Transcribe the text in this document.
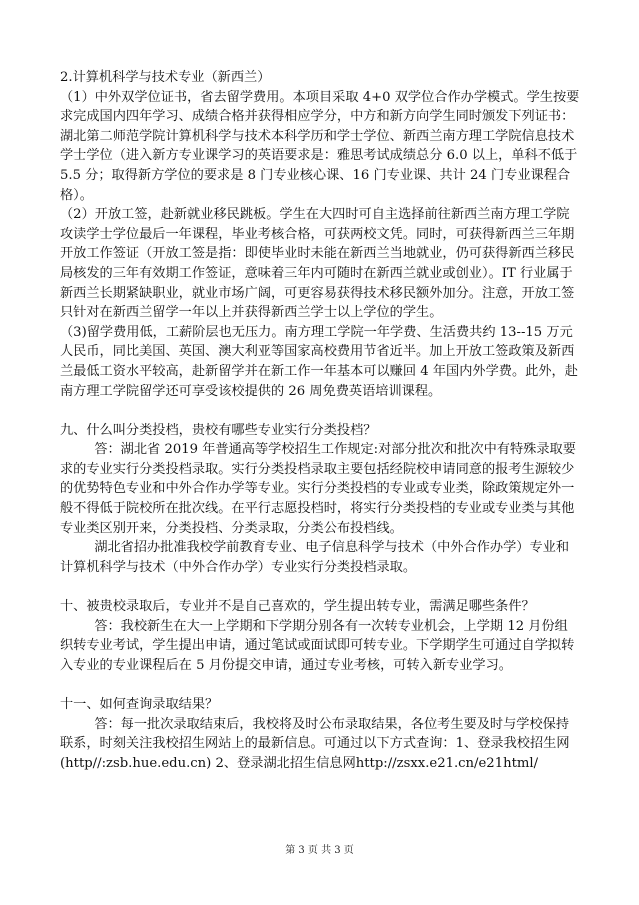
2.计算机科学与技术专业（新西兰）

（1）中外双学位证书，省去留学费用。本项目采取 4+0 双学位合作办学模式。学生按要求完成国内四年学习、成绩合格并获得相应学分，中方和新方向学生同时颁发下列证书：湖北第二师范学院计算机科学与技术本科学历和学士学位、新西兰南方理工学院信息技术学士学位（进入新方专业课学习的英语要求是：雅思考试成绩总分 6.0 以上，单科不低于 5.5 分；取得新方学位的要求是 8 门专业核心课、16 门专业课、共计 24 门专业课程合格）。

（2）开放工签，赴新就业移民跳板。学生在大四时可自主选择前往新西兰南方理工学院攻读学士学位最后一年课程，毕业考核合格，可获两校文凭。同时，可获得新西兰三年期开放工作签证（开放工签是指：即使毕业时未能在新西兰当地就业，仍可获得新西兰移民局核发的三年有效期工作签证，意味着三年内可随时在新西兰就业或创业）。IT 行业属于新西兰长期紧缺职业，就业市场广阔，可更容易获得技术移民额外加分。注意，开放工签只针对在新西兰留学一年以上并获得新西兰学士以上学位的学生。

（3)留学费用低，工薪阶层也无压力。南方理工学院一年学费、生活费共约 13--15 万元人民币，同比美国、英国、澳大利亚等国家高校费用节省近半。加上开放工签政策及新西兰最低工资水平较高，赴新留学并在新工作一年基本可以赚回 4 年国内外学费。此外，赴南方理工学院留学还可享受该校提供的 26 周免费英语培训课程。

九、什么叫分类投档，贵校有哪些专业实行分类投档？

答：湖北省 2019 年普通高等学校招生工作规定:对部分批次和批次中有特殊录取要求的专业实行分类投档录取。实行分类投档录取主要包括经院校申请同意的报考生源较少的优势特色专业和中外合作办学等专业。实行分类投档的专业或专业类，除政策规定外一般不得低于院校所在批次线。在平行志愿投档时，将实行分类投档的专业或专业类与其他专业类区别开来，分类投档、分类录取，分类公布投档线。

湖北省招办批准我校学前教育专业、电子信息科学与技术（中外合作办学）专业和计算机科学与技术（中外合作办学）专业实行分类投档录取。

十、被贵校录取后，专业并不是自己喜欢的，学生提出转专业，需满足哪些条件？

答：我校新生在大一上学期和下学期分别各有一次转专业机会，上学期 12 月份组织转专业考试，学生提出申请，通过笔试或面试即可转专业。下学期学生可通过自学拟转入专业的专业课程后在 5 月份提交申请，通过专业考核，可转入新专业学习。

十一、如何查询录取结果？

答：每一批次录取结束后，我校将及时公布录取结果，各位考生要及时与学校保持联系，时刻关注我校招生网站上的最新信息。可通过以下方式查询：1、登录我校招生网(http//:zsb.hue.edu.cn) 2、登录湖北招生信息网http://zsxx.e21.cn/e21html/

第 3 页 共 3 页
